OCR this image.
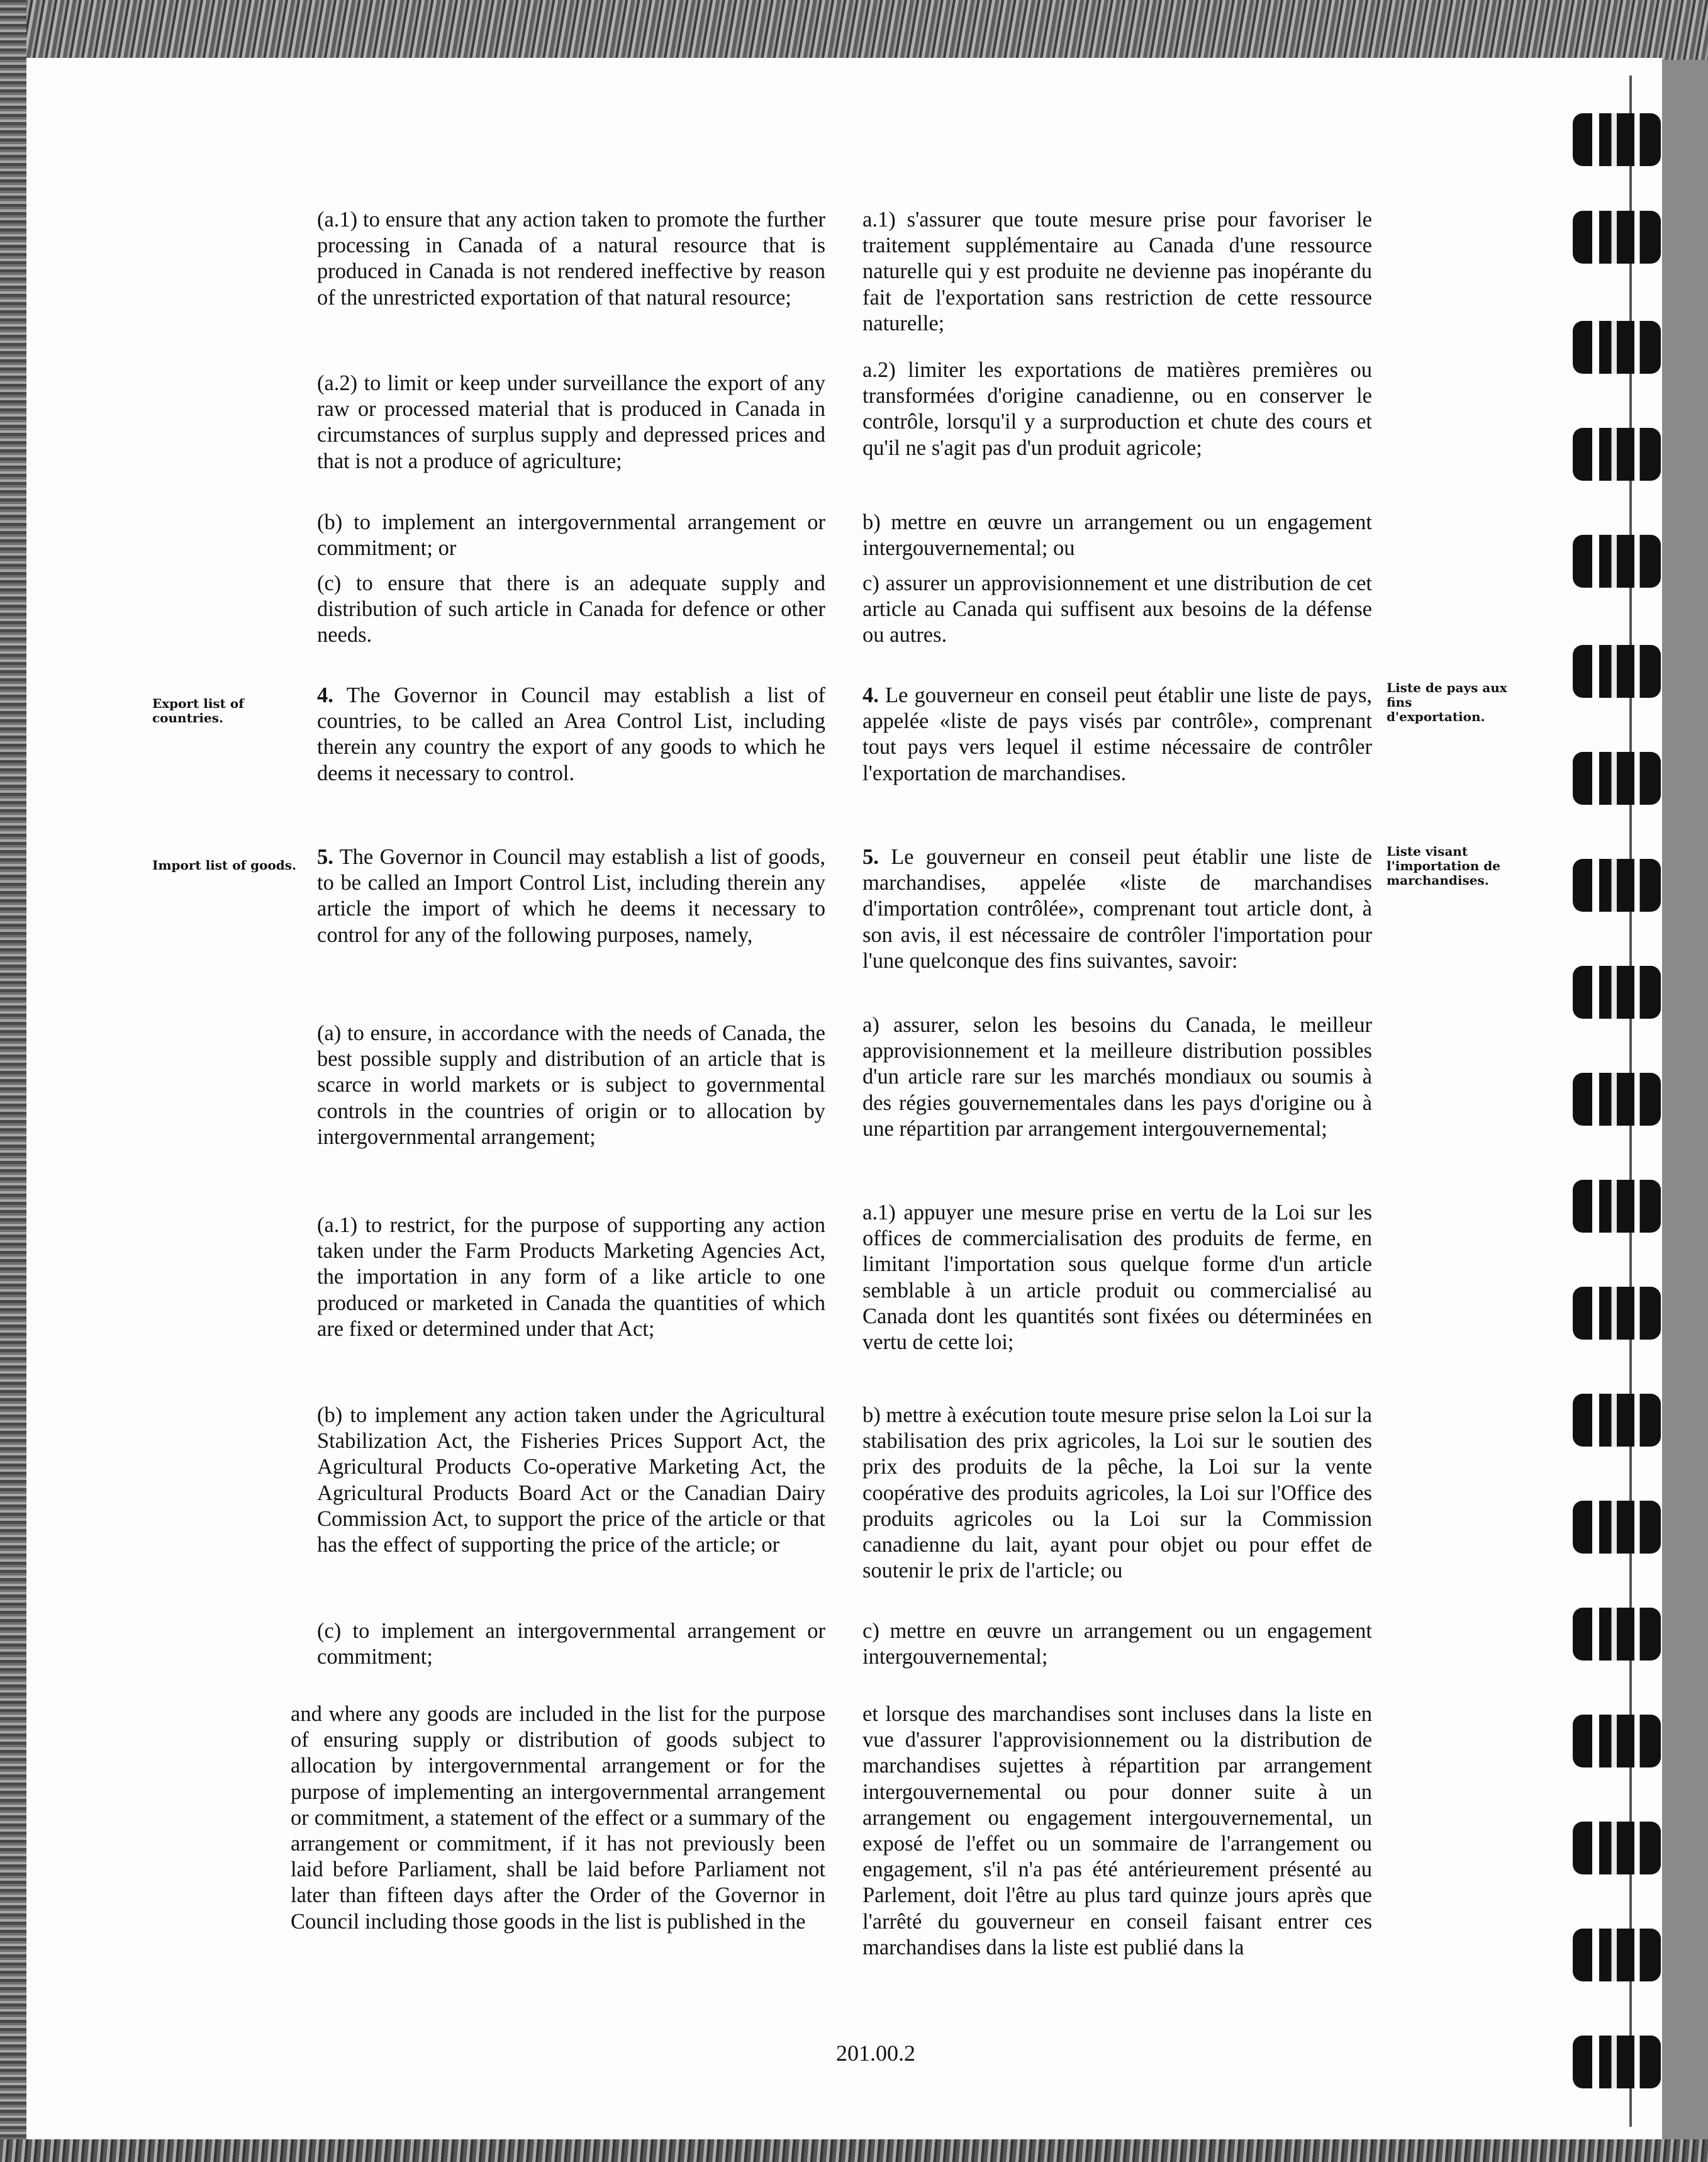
(a.1) to ensure that any action taken to promote the further processing in Canada of a natural resource that is produced in Canada is not rendered ineffective by reason of the unrestricted exportation of that natural resource;

(a.2) to limit or keep under surveillance the export of any raw or processed material that is produced in Canada in circumstances of surplus supply and depressed prices and that is not a produce of agriculture;

(b) to implement an intergovernmental arrangement or commitment; or

(c) to ensure that there is an adequate supply and distribution of such article in Canada for defence or other needs.

Export list of countries.

4. The Governor in Council may establish a list of countries, to be called an Area Control List, including therein any country the export of any goods to which he deems it necessary to control.

Import list of goods. 5. The Governor in Council may establish a list of goods, to be called an Import Control List, including therein any article the import of which he deems it necessary to control for any of the following purposes, namely,

(a) to ensure, in accordance with the needs of Canada, the best possible supply and distribution of an article that is scarce in world markets or is subject to governmental controls in the countries of origin or to allocation by intergovernmental arrangement;

(a.1) to restrict, for the purpose of supporting any action taken under the Farm Products Marketing Agencies Act, the importation in any form of a like article to one produced or marketed in Canada the quantities of which are fixed or determined under that Act;

(b) to implement any action taken under the Agricultural Stabilization Act, the Fisheries Prices Support Act, the Agricultural Products Co-operative Marketing Act, the Agricultural Products Board Act or the Canadian Dairy Commission Act, to support the price of the article or that has the effect of supporting the price of the article; or

(c) to implement an intergovernmental arrangement or commitment;

and where any goods are included in the list for the purpose of ensuring supply or distribution of goods subject to allocation by intergovernmental arrangement or for the purpose of implementing an intergovernmental arrangement or commitment, a statement of the effect or a summary of the arrangement or commitment, if it has not previously been laid before Parliament, shall be laid before Parliament not later than fifteen days after the Order of the Governor in Council including those goods in the list is published in the

a.1) s'assurer que toute mesure prise pour favoriser le traitement supplémentaire au Canada d'une ressource naturelle qui y est produite ne devienne pas inopérante du fait de l'exportation sans restriction de cette ressource naturelle;

a.2) limiter les exportations de matières premières ou transformées d'origine canadienne, ou en conserver le contrôle, lorsqu'il y a surproduction et chute des cours et qu'il ne s'agit pas d'un produit agricole;

b) mettre en œuvre un arrangement ou un engagement intergouvernemental; ou

c) assurer un approvisionnement et une distribution de cet article au Canada qui suffisent aux besoins de la défense ou autres.

Liste de pays aux fins d'exportation.

4. Le gouverneur en conseil peut établir une liste de pays, appelée «liste de pays visés par contrôle», comprenant tout pays vers lequel il estime nécessaire de contrôler l'exportation de marchandises.

Liste visant l'importation de marchandises.

5. Le gouverneur en conseil peut établir une liste de marchandises, appelée «liste de marchandises d'importation contrôlée», comprenant tout article dont, à son avis, il est nécessaire de contrôler l'importation pour l'une quelconque des fins suivantes, savoir:

a) assurer, selon les besoins du Canada, le meilleur approvisionnement et la meilleure distribution possibles d'un article rare sur les marchés mondiaux ou soumis à des régies gouvernementales dans les pays d'origine ou à une répartition par arrangement intergouvernemental;

a.1) appuyer une mesure prise en vertu de la Loi sur les offices de commercialisation des produits de ferme, en limitant l'importation sous quelque forme d'un article semblable à un article produit ou commercialisé au Canada dont les quantités sont fixées ou déterminées en vertu de cette loi;

b) mettre à exécution toute mesure prise selon la Loi sur la stabilisation des prix agricoles, la Loi sur le soutien des prix des produits de la pêche, la Loi sur la vente coopérative des produits agricoles, la Loi sur l'Office des produits agricoles ou la Loi sur la Commission canadienne du lait, ayant pour objet ou pour effet de soutenir le prix de l'article; ou

c) mettre en œuvre un arrangement ou un engagement intergouvernemental;

et lorsque des marchandises sont incluses dans la liste en vue d'assurer l'approvisionnement ou la distribution de marchandises sujettes à répartition par arrangement intergouvernemental ou pour donner suite à un arrangement ou engagement intergouvernemental, un exposé de l'effet ou un sommaire de l'arrangement ou engagement, s'il n'a pas été antérieurement présenté au Parlement, doit l'être au plus tard quinze jours après que l'arrêté du gouverneur en conseil faisant entrer ces marchandises dans la liste est publié dans la

201.00.2
